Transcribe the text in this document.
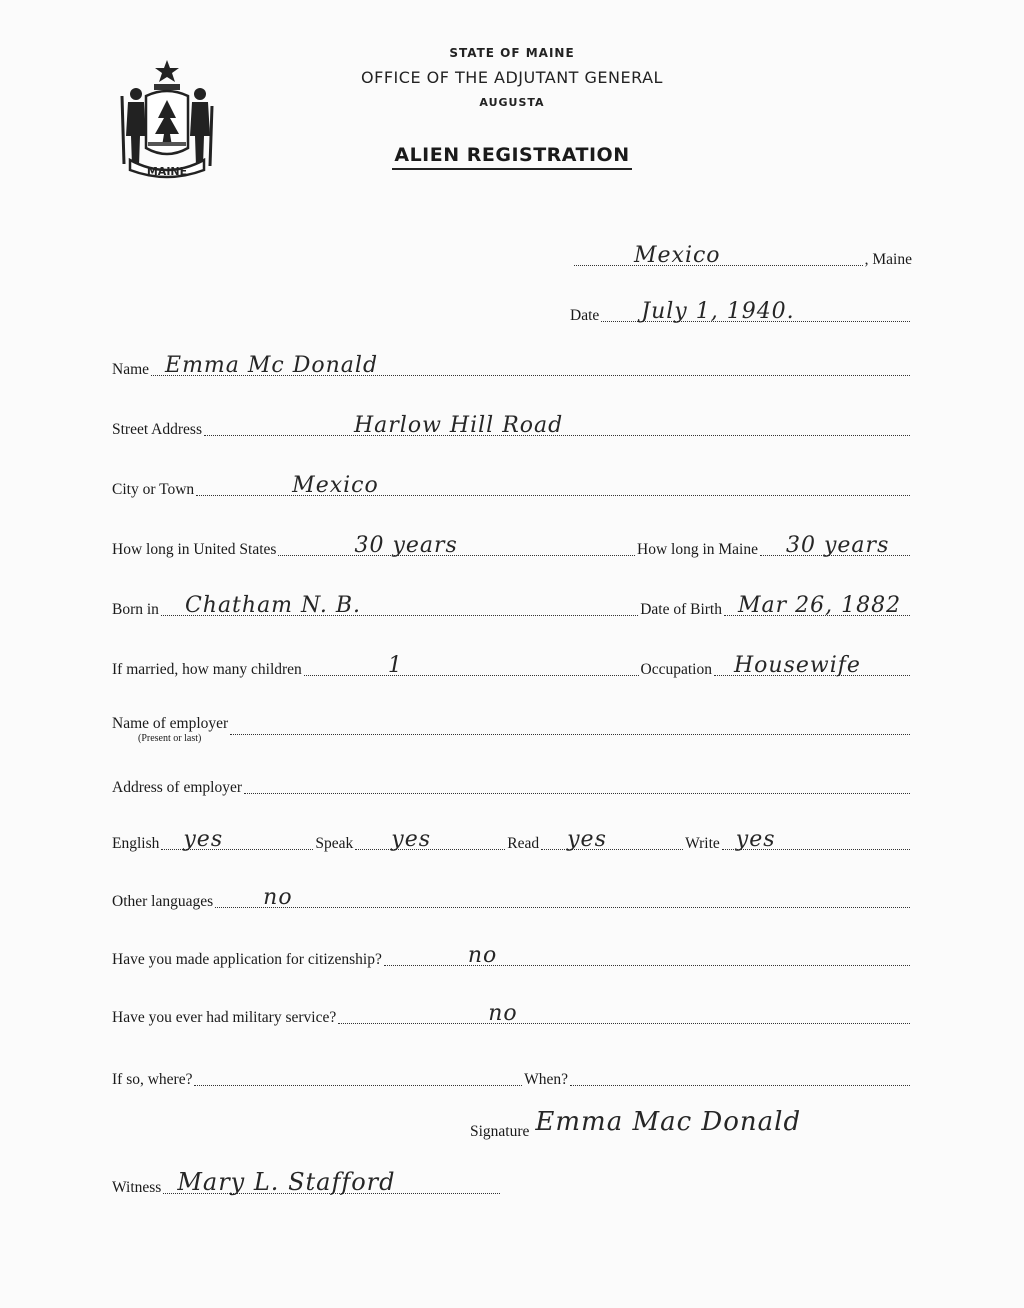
MAINE
STATE OF MAINE
OFFICE OF THE ADJUTANT GENERAL
AUGUSTA
ALIEN REGISTRATION
Mexico	, Maine
Date July 1, 1940.
Name Emma Mc Donald
Street Address	Harlow Hill Road
City or Town	Mexico
How long in United States	30 years	How long in Maine 30 years
Born in Chatham N. B.	Date of Birth Mar 26, 1882
If married, how many children	1	Occupation Housewife
Name of employer
(Present or last)
Address of employer
English yes	Speak yes	Read yes	Write yes
Other languages no
Have you made application for citizenship?	no
Have you ever had military service?	no
If so, where?	When?
Signature Emma Mac Donald
Witness Mary L. Stafford
